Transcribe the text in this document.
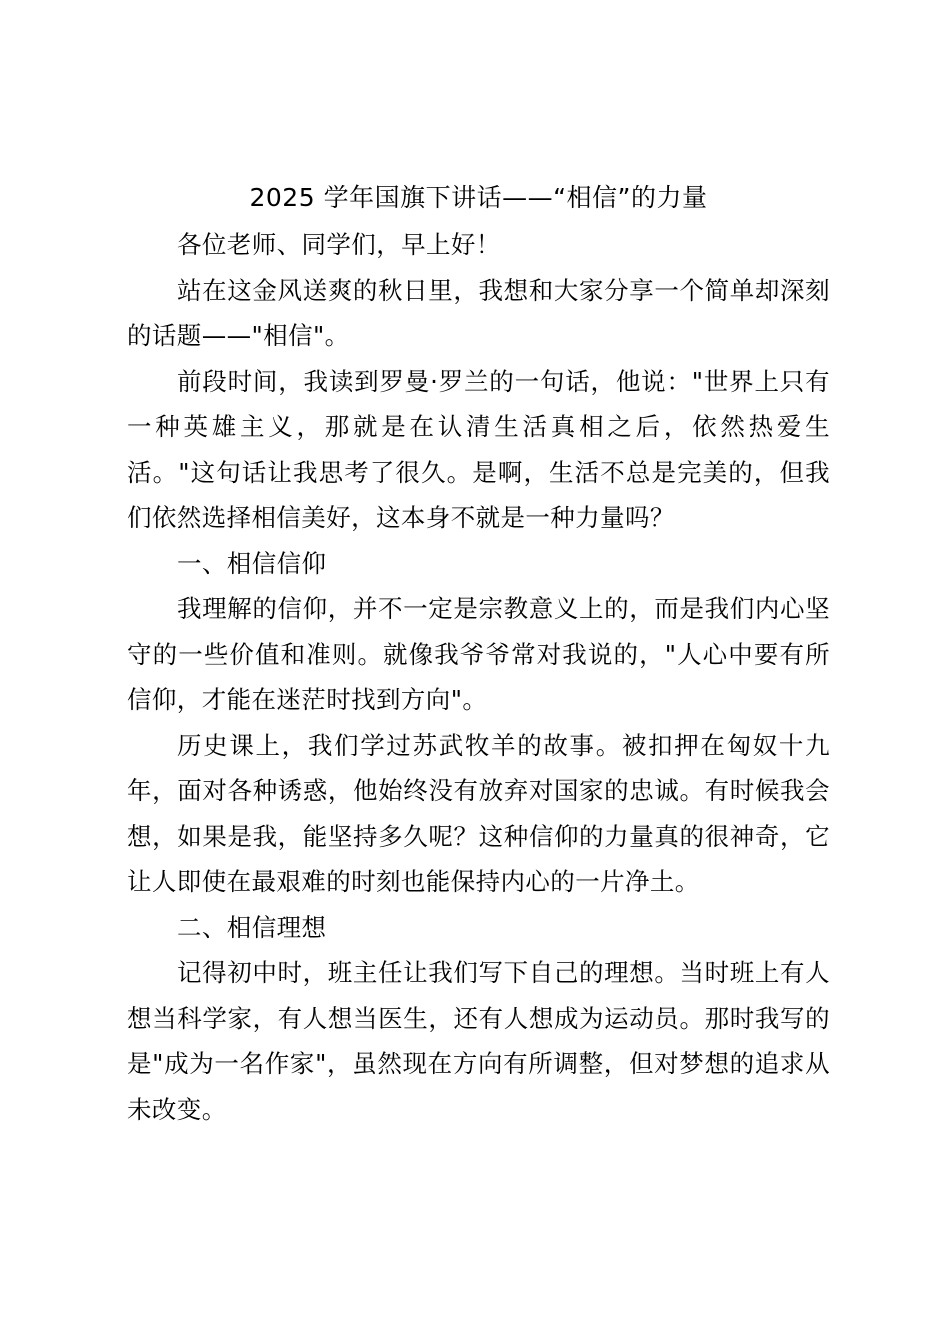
2025 学年国旗下讲话——“相信”的力量

各位老师、同学们，早上好！

站在这金风送爽的秋日里，我想和大家分享一个简单却深刻的话题——"相信"。

前段时间，我读到罗曼·罗兰的一句话，他说："世界上只有一种英雄主义，那就是在认清生活真相之后，依然热爱生活。"这句话让我思考了很久。是啊，生活不总是完美的，但我们依然选择相信美好，这本身不就是一种力量吗？

一、相信信仰

我理解的信仰，并不一定是宗教意义上的，而是我们内心坚守的一些价值和准则。就像我爷爷常对我说的，"人心中要有所信仰，才能在迷茫时找到方向"。

历史课上，我们学过苏武牧羊的故事。被扣押在匈奴十九年，面对各种诱惑，他始终没有放弃对国家的忠诚。有时候我会想，如果是我，能坚持多久呢？这种信仰的力量真的很神奇，它让人即使在最艰难的时刻也能保持内心的一片净土。

二、相信理想

记得初中时，班主任让我们写下自己的理想。当时班上有人想当科学家，有人想当医生，还有人想成为运动员。那时我写的是"成为一名作家"，虽然现在方向有所调整，但对梦想的追求从未改变。
